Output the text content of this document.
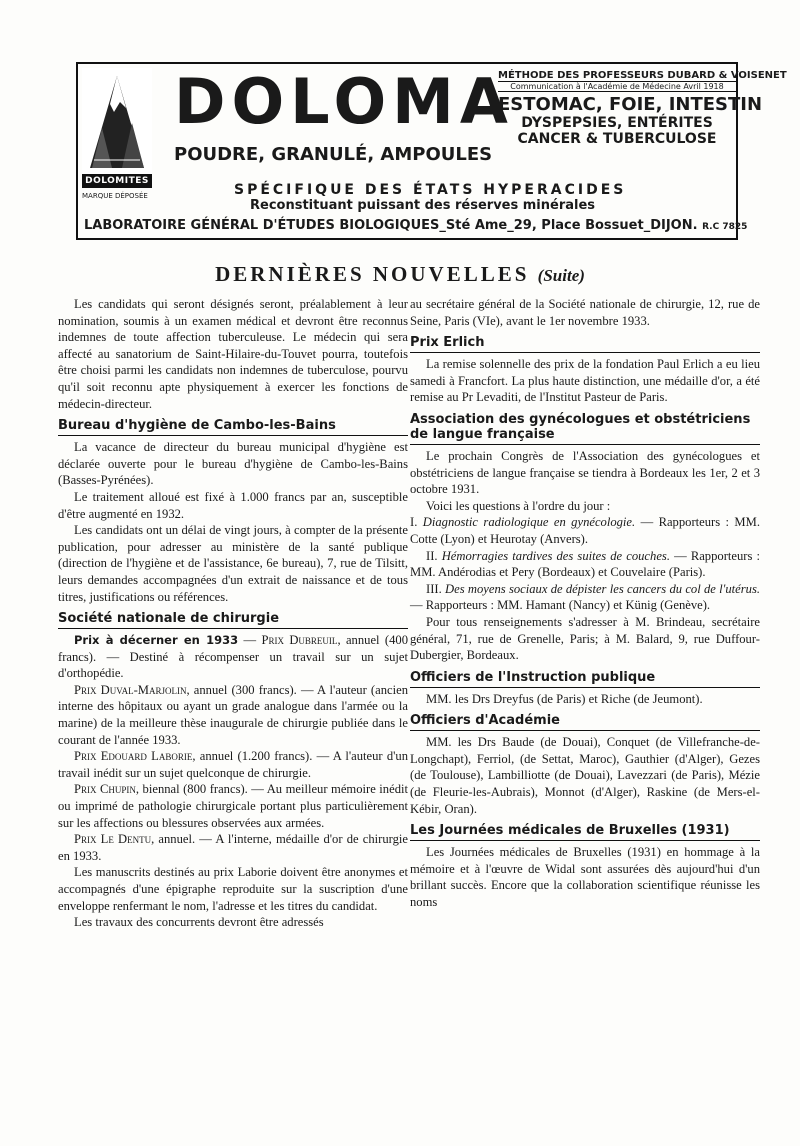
DOLOMITES
MARQUE DÉPOSÉE
DOLOMA
POUDRE, GRANULÉ, AMPOULES
MÉTHODE DES PROFESSEURS DUBARD & VOISENET
Communication à l'Académie de Médecine Avril 1918
ESTOMAC, FOIE, INTESTIN
DYSPEPSIES, ENTÉRITES
CANCER & TUBERCULOSE
SPÉCIFIQUE DES ÉTATS HYPERACIDES
Reconstituant puissant des réserves minérales
LABORATOIRE GÉNÉRAL D'ÉTUDES BIOLOGIQUES_Sté Ame_29, Place Bossuet_DIJON. R.C 7825
DERNIÈRES NOUVELLES (Suite)

Les candidats qui seront désignés seront, préalablement à leur nomination, soumis à un examen médical et devront être reconnus indemnes de toute affection tuberculeuse. Le médecin qui sera affecté au sanatorium de Saint-Hilaire-du-Touvet pourra, toutefois être choisi parmi les candidats non indemnes de tuberculose, pourvu qu'il soit reconnu apte physiquement à exercer les fonctions de médecin-directeur.

Bureau d'hygiène de Cambo-les-Bains

La vacance de directeur du bureau municipal d'hygiène est déclarée ouverte pour le bureau d'hygiène de Cambo-les-Bains (Basses-Pyrénées).

Le traitement alloué est fixé à 1.000 francs par an, susceptible d'être augmenté en 1932.

Les candidats ont un délai de vingt jours, à compter de la présente publication, pour adresser au ministère de la santé publique (direction de l'hygiène et de l'assistance, 6e bureau), 7, rue de Tilsitt, leurs demandes accompagnées d'un extrait de naissance et de tous titres, justifications ou références.

Société nationale de chirurgie

Prix à décerner en 1933 — Prix Dubreuil, annuel (400 francs). — Destiné à récompenser un travail sur un sujet d'orthopédie.

Prix Duval-Marjolin, annuel (300 francs). — A l'auteur (ancien interne des hôpitaux ou ayant un grade analogue dans l'armée ou la marine) de la meilleure thèse inaugurale de chirurgie publiée dans le courant de l'année 1933.

Prix Edouard Laborie, annuel (1.200 francs). — A l'auteur d'un travail inédit sur un sujet quelconque de chirurgie.

Prix Chupin, biennal (800 francs). — Au meilleur mémoire inédit ou imprimé de pathologie chirurgicale portant plus particulièrement sur les affections ou blessures observées aux armées.

Prix Le Dentu, annuel. — A l'interne, médaille d'or de chirurgie en 1933.

Les manuscrits destinés au prix Laborie doivent être anonymes et accompagnés d'une épigraphe reproduite sur la suscription d'une enveloppe renfermant le nom, l'adresse et les titres du candidat.

Les travaux des concurrents devront être adressés

au secrétaire général de la Société nationale de chirurgie, 12, rue de Seine, Paris (VIe), avant le 1er novembre 1933.

Prix Erlich

La remise solennelle des prix de la fondation Paul Erlich a eu lieu samedi à Francfort. La plus haute distinction, une médaille d'or, a été remise au Pr Levaditi, de l'Institut Pasteur de Paris.

Association des gynécologues et obstétriciens de langue française

Le prochain Congrès de l'Association des gynécologues et obstétriciens de langue française se tiendra à Bordeaux les 1er, 2 et 3 octobre 1931.

Voici les questions à l'ordre du jour :

I. Diagnostic radiologique en gynécologie. — Rapporteurs : MM. Cotte (Lyon) et Heurotay (Anvers).

II. Hémorragies tardives des suites de couches. — Rapporteurs : MM. Andérodias et Pery (Bordeaux) et Couvelaire (Paris).

III. Des moyens sociaux de dépister les cancers du col de l'utérus. — Rapporteurs : MM. Hamant (Nancy) et Künig (Genève).

Pour tous renseignements s'adresser à M. Brindeau, secrétaire général, 71, rue de Grenelle, Paris; à M. Balard, 9, rue Duffour-Dubergier, Bordeaux.

Officiers de l'Instruction publique

MM. les Drs Dreyfus (de Paris) et Riche (de Jeumont).

Officiers d'Académie

MM. les Drs Baude (de Douai), Conquet (de Villefranche-de-Longchapt), Ferriol, (de Settat, Maroc), Gauthier (d'Alger), Gezes (de Toulouse), Lambilliotte (de Douai), Lavezzari (de Paris), Mézie (de Fleurie-les-Aubrais), Monnot (d'Alger), Raskine (de Mers-el-Kébir, Oran).

Les Journées médicales de Bruxelles (1931)

Les Journées médicales de Bruxelles (1931) en hommage à la mémoire et à l'œuvre de Widal sont assurées dès aujourd'hui d'un brillant succès. Encore que la collaboration scientifique réunisse les noms
